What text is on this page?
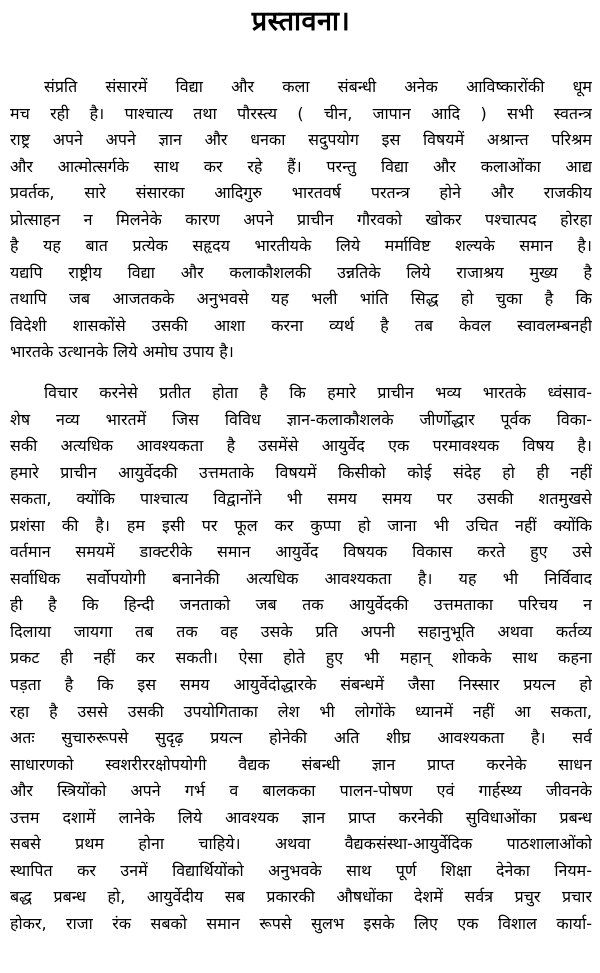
प्रस्तावना।
संप्रति संसारमें विद्या और कला संबन्धी अनेक आविष्कारोंकी धूम
मच रही है। पाश्चात्य तथा पौरस्त्य ( चीन, जापान आदि ) सभी स्वतन्त्र
राष्ट्र अपने अपने ज्ञान और धनका सदुपयोग इस विषयमें अश्रान्त परिश्रम
और आत्मोत्सर्गके साथ कर रहे हैं। परन्तु विद्या और कलाओंका आद्य
प्रवर्तक, सारे संसारका आदिगुरु भारतवर्ष परतन्त्र होने और राजकीय
प्रोत्साहन न मिलनेके कारण अपने प्राचीन गौरवको खोकर पश्चात्पद होरहा
है यह बात प्रत्येक सहृदय भारतीयके लिये मर्माविष्ट शल्यके समान है।
यद्यपि राष्ट्रीय विद्या और कलाकौशलकी उन्नतिके लिये राजाश्रय मुख्य है
तथापि जब आजतकके अनुभवसे यह भली भांति सिद्ध हो चुका है कि
विदेशी शासकोंसे उसकी आशा करना व्यर्थ है तब केवल स्वावलम्बनही
भारतके उत्थानके लिये अमोघ उपाय है।
विचार करनेसे प्रतीत होता है कि हमारे प्राचीन भव्य भारतके ध्वंसाव-
शेष नव्य भारतमें जिस विविध ज्ञान-कलाकौशलके जीर्णोद्धार पूर्वक विका-
सकी अत्यधिक आवश्यकता है उसमेंसे आयुर्वेद एक परमावश्यक विषय है।
हमारे प्राचीन आयुर्वेदकी उत्तमताके विषयमें किसीको कोई संदेह हो ही नहीं
सकता, क्योंकि पाश्चात्य विद्वानोंने भी समय समय पर उसकी शतमुखसे
प्रशंसा की है। हम इसी पर फूल कर कुप्पा हो जाना भी उचित नहीं क्योंकि
वर्तमान समयमें डाक्टरीके समान आयुर्वेद विषयक विकास करते हुए उसे
सर्वाधिक सर्वोपयोगी बनानेकी अत्यधिक आवश्यकता है। यह भी निर्विवाद
ही है कि हिन्दी जनताको जब तक आयुर्वेदकी उत्तमताका परिचय न
दिलाया जायगा तब तक वह उसके प्रति अपनी सहानुभूति अथवा कर्तव्य
प्रकट ही नहीं कर सकती। ऐसा होते हुए भी महान् शोकके साथ कहना
पड़ता है कि इस समय आयुर्वेदोद्धारके संबन्धमें जैसा निस्सार प्रयत्न हो
रहा है उससे उसकी उपयोगिताका लेश भी लोगोंके ध्यानमें नहीं आ सकता,
अतः सुचारुरूपसे सुदृढ़ प्रयत्न होनेकी अति शीघ्र आवश्यकता है। सर्व
साधारणको स्वशरीररक्षोपयोगी वैद्यक संबन्धी ज्ञान प्राप्त करनेके साधन
और स्त्रियोंको अपने गर्भ व बालकका पालन-पोषण एवं गार्हस्थ्य जीवनके
उत्तम दशामें लानेके लिये आवश्यक ज्ञान प्राप्त करनेकी सुविधाओंका प्रबन्ध
सबसे प्रथम होना चाहिये। अथवा वैद्यकसंस्था-आयुर्वेदिक पाठशालाओंको
स्थापित कर उनमें विद्यार्थियोंको अनुभवके साथ पूर्ण शिक्षा देनेका नियम-
बद्ध प्रबन्ध हो, आयुर्वेदीय सब प्रकारकी औषधोंका देशमें सर्वत्र प्रचुर प्रचार
होकर, राजा रंक सबको समान रूपसे सुलभ इसके लिए एक विशाल कार्या-
